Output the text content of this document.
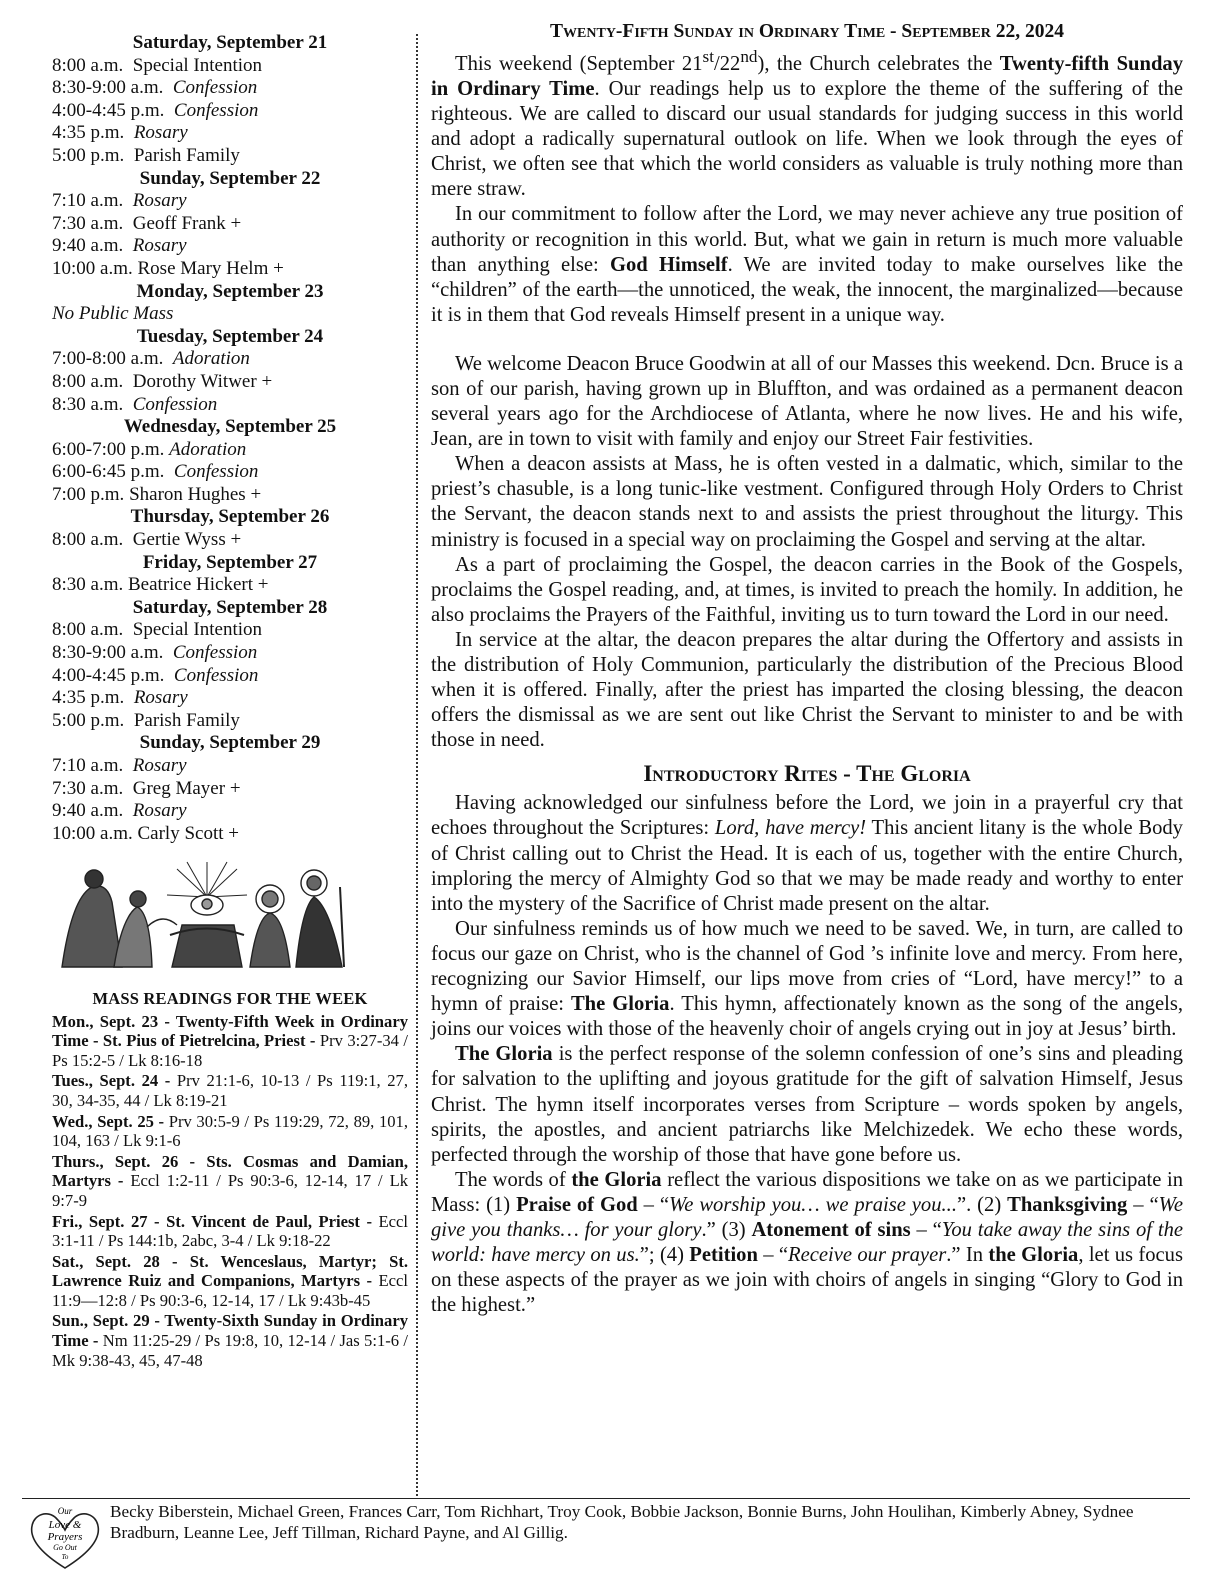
Saturday, September 21
8:00 a.m.  Special Intention
8:30-9:00 a.m.  Confession
4:00-4:45 p.m.  Confession
4:35 p.m.  Rosary
5:00 p.m.  Parish Family
Sunday, September 22
7:10 a.m.  Rosary
7:30 a.m.  Geoff Frank +
9:40 a.m.  Rosary
10:00 a.m. Rose Mary Helm +
Monday, September 23
No Public Mass
Tuesday, September 24
7:00-8:00 a.m.  Adoration
8:00 a.m.  Dorothy Witwer +
8:30 a.m.  Confession
Wednesday, September 25
6:00-7:00 p.m. Adoration
6:00-6:45 p.m.  Confession
7:00 p.m. Sharon Hughes +
Thursday, September 26
8:00 a.m.  Gertie Wyss +
Friday, September 27
8:30 a.m. Beatrice Hickert +
Saturday, September 28
8:00 a.m.  Special Intention
8:30-9:00 a.m.  Confession
4:00-4:45 p.m.  Confession
4:35 p.m.  Rosary
5:00 p.m.  Parish Family
Sunday, September 29
7:10 a.m.  Rosary
7:30 a.m.  Greg Mayer +
9:40 a.m.  Rosary
10:00 a.m. Carly Scott +
MASS READINGS FOR THE WEEK
Mon., Sept. 23 - Twenty-Fifth Week in Ordinary Time - St. Pius of Pietrelcina, Priest - Prv 3:27-34 / Ps 15:2-5 / Lk 8:16-18
Tues., Sept. 24 - Prv 21:1-6, 10-13 / Ps 119:1, 27, 30, 34-35, 44 / Lk 8:19-21
Wed., Sept. 25 - Prv 30:5-9 / Ps 119:29, 72, 89, 101, 104, 163 / Lk 9:1-6
Thurs., Sept. 26 - Sts. Cosmas and Damian, Martyrs - Eccl 1:2-11 / Ps 90:3-6, 12-14, 17 / Lk 9:7-9
Fri., Sept. 27 - St. Vincent de Paul, Priest - Eccl 3:1-11 / Ps 144:1b, 2abc, 3-4 / Lk 9:18-22
Sat., Sept. 28 - St. Wenceslaus, Martyr; St. Lawrence Ruiz and Companions, Martyrs - Eccl 11:9—12:8 / Ps 90:3-6, 12-14, 17 / Lk 9:43b-45
Sun., Sept. 29 - Twenty-Sixth Sunday in Ordinary Time - Nm 11:25-29 / Ps 19:8, 10, 12-14 / Jas 5:1-6 / Mk 9:38-43, 45, 47-48
Twenty-Fifth Sunday in Ordinary Time - September 22, 2024

This weekend (September 21st/22nd), the Church celebrates the Twenty-fifth Sunday in Ordinary Time. Our readings help us to explore the theme of the suffering of the righteous. We are called to discard our usual standards for judging success in this world and adopt a radically supernatural outlook on life. When we look through the eyes of Christ, we often see that which the world considers as valuable is truly nothing more than mere straw.

In our commitment to follow after the Lord, we may never achieve any true position of authority or recognition in this world. But, what we gain in return is much more valuable than anything else: God Himself. We are invited today to make ourselves like the “children” of the earth—the unnoticed, the weak, the innocent, the marginalized—because it is in them that God reveals Himself present in a unique way.

We welcome Deacon Bruce Goodwin at all of our Masses this weekend. Dcn. Bruce is a son of our parish, having grown up in Bluffton, and was ordained as a permanent deacon several years ago for the Archdiocese of Atlanta, where he now lives. He and his wife, Jean, are in town to visit with family and enjoy our Street Fair festivities.

When a deacon assists at Mass, he is often vested in a dalmatic, which, similar to the priest’s chasuble, is a long tunic-like vestment. Configured through Holy Orders to Christ the Servant, the deacon stands next to and assists the priest throughout the liturgy. This ministry is focused in a special way on proclaiming the Gospel and serving at the altar.

As a part of proclaiming the Gospel, the deacon carries in the Book of the Gospels, proclaims the Gospel reading, and, at times, is invited to preach the homily. In addition, he also proclaims the Prayers of the Faithful, inviting us to turn toward the Lord in our need.

In service at the altar, the deacon prepares the altar during the Offertory and assists in the distribution of Holy Communion, particularly the distribution of the Precious Blood when it is offered. Finally, after the priest has imparted the closing blessing, the deacon offers the dismissal as we are sent out like Christ the Servant to minister to and be with those in need.

Introductory Rites - The Gloria

Having acknowledged our sinfulness before the Lord, we join in a prayerful cry that echoes throughout the Scriptures: Lord, have mercy! This ancient litany is the whole Body of Christ calling out to Christ the Head. It is each of us, together with the entire Church, imploring the mercy of Almighty God so that we may be made ready and worthy to enter into the mystery of the Sacrifice of Christ made present on the altar.

Our sinfulness reminds us of how much we need to be saved. We, in turn, are called to focus our gaze on Christ, who is the channel of God ’s infinite love and mercy. From here, recognizing our Savior Himself, our lips move from cries of “Lord, have mercy!” to a hymn of praise: The Gloria. This hymn, affectionately known as the song of the angels, joins our voices with those of the heavenly choir of angels crying out in joy at Jesus’ birth.

The Gloria is the perfect response of the solemn confession of one’s sins and pleading for salvation to the uplifting and joyous gratitude for the gift of salvation Himself, Jesus Christ. The hymn itself incorporates verses from Scripture – words spoken by angels, spirits, the apostles, and ancient patriarchs like Melchizedek. We echo these words, perfected through the worship of those that have gone before us.

The words of the Gloria reflect the various dispositions we take on as we participate in Mass: (1) Praise of God – “We worship you… we praise you...”. (2) Thanksgiving – “We give you thanks… for your glory.” (3) Atonement of sins – “You take away the sins of the world: have mercy on us.”; (4) Petition – “Receive our prayer.” In the Gloria, let us focus on these aspects of the prayer as we join with choirs of angels in singing “Glory to God in the highest.”

Our
Love &
Prayers
Go Out
To
Becky Biberstein, Michael Green, Frances Carr, Tom Richhart, Troy Cook, Bobbie Jackson, Bonnie Burns, John Houlihan, Kimberly Abney, Sydnee Bradburn, Leanne Lee, Jeff Tillman, Richard Payne, and Al Gillig.
